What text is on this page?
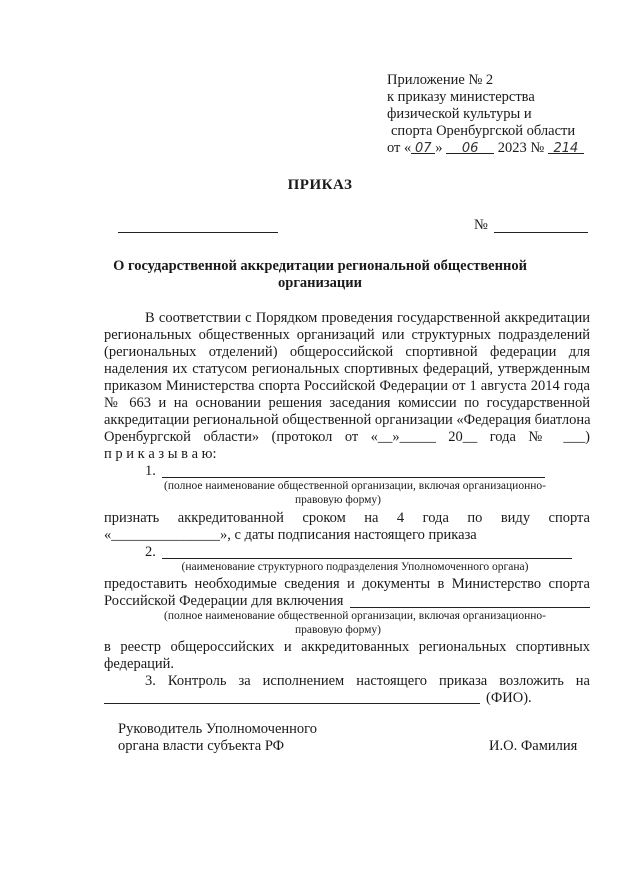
Приложение № 2
к приказу министерства
физической культуры и
спорта Оренбургской области
от « 07 » 06 2023 № 214
ПРИКАЗ
№
О государственной аккредитации региональной общественной
организации
В соответствии с Порядком проведения государственной аккредитации
региональных общественных организаций или структурных подразделений
(региональных отделений) общероссийской спортивной федерации для
наделения их статусом региональных спортивных федераций, утвержденным
приказом Министерства спорта Российской Федерации от 1 августа 2014 года
№ 663 и на основании решения заседания комиссии по государственной
аккредитации региональной общественной организации «Федерация биатлона
Оренбургской области» (протокол от «__»_____ 20__ года № ___)
п р и к а з ы в а ю:
1.
(полное наименование общественной организации, включая организационно-
правовую форму)
признать аккредитованной сроком на 4 года по виду спорта
«_______________», с даты подписания настоящего приказа
2.
(наименование структурного подразделения Уполномоченного органа)
предоставить необходимые сведения и документы в Министерство спорта
Российской Федерации для включения
(полное наименование общественной организации, включая организационно-
правовую форму)
в реестр общероссийских и аккредитованных региональных спортивных
федераций.
3. Контроль за исполнением настоящего приказа возложить на
(ФИО).
Руководитель Уполномоченного
органа власти субъекта РФ	И.О. Фамилия
